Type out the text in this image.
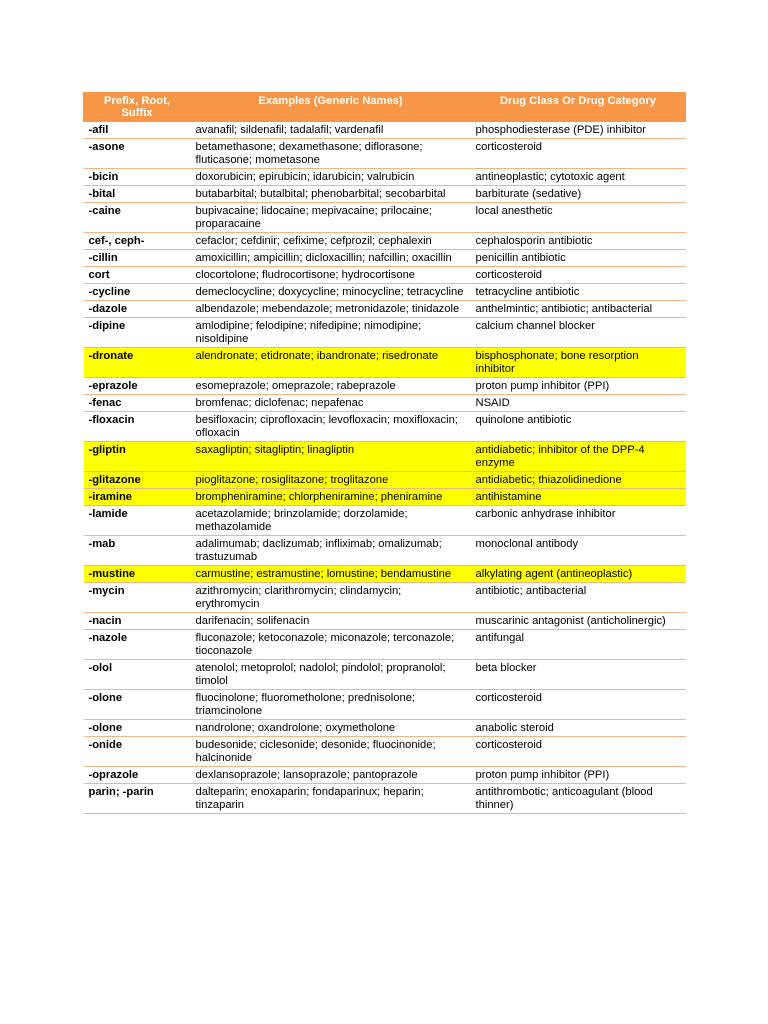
Prefix, Root, Suffix	Examples (Generic Names)	Drug Class Or Drug Category
-afil	avanafil; sildenafil; tadalafil; vardenafil	phosphodiesterase (PDE) inhibitor
-asone	betamethasone; dexamethasone; diflorasone; fluticasone; mometasone	corticosteroid
-bicin	doxorubicin; epirubicin; idarubicin; valrubicin	antineoplastic; cytotoxic agent
-bital	butabarbital; butalbital; phenobarbital; secobarbital	barbiturate (sedative)
-caine	bupivacaine; lidocaine; mepivacaine; prilocaine; proparacaine	local anesthetic
cef-, ceph-	cefaclor; cefdinir; cefixime; cefprozil; cephalexin	cephalosporin antibiotic
-cillin	amoxicillin; ampicillin; dicloxacillin; nafcillin; oxacillin	penicillin antibiotic
cort	clocortolone; fludrocortisone; hydrocortisone	corticosteroid
-cycline	demeclocycline; doxycycline; minocycline; tetracycline	tetracycline antibiotic
-dazole	albendazole; mebendazole; metronidazole; tinidazole	anthelmintic; antibiotic; antibacterial
-dipine	amlodipine; felodipine; nifedipine; nimodipine; nisoldipine	calcium channel blocker
-dronate	alendronate; etidronate; ibandronate; risedronate	bisphosphonate; bone resorption inhibitor
-eprazole	esomeprazole; omeprazole; rabeprazole	proton pump inhibitor (PPI)
-fenac	bromfenac; diclofenac; nepafenac	NSAID
-floxacin	besifloxacin; ciprofloxacin; levofloxacin; moxifloxacin; ofloxacin	quinolone antibiotic
-gliptin	saxagliptin; sitagliptin; linagliptin	antidiabetic; inhibitor of the DPP-4 enzyme
-glitazone	pioglitazone; rosiglitazone; troglitazone	antidiabetic; thiazolidinedione
-iramine	brompheniramine; chlorpheniramine; pheniramine	antihistamine
-lamide	acetazolamide; brinzolamide; dorzolamide; methazolamide	carbonic anhydrase inhibitor
-mab	adalimumab; daclizumab; infliximab; omalizumab; trastuzumab	monoclonal antibody
-mustine	carmustine; estramustine; lomustine; bendamustine	alkylating agent (antineoplastic)
-mycin	azithromycin; clarithromycin; clindamycin; erythromycin	antibiotic; antibacterial
-nacin	darifenacin; solifenacin	muscarinic antagonist (anticholinergic)
-nazole	fluconazole; ketoconazole; miconazole; terconazole; tioconazole	antifungal
-olol	atenolol; metoprolol; nadolol; pindolol; propranolol; timolol	beta blocker
-olone	fluocinolone; fluorometholone; prednisolone; triamcinolone	corticosteroid
-olone	nandrolone; oxandrolone; oxymetholone	anabolic steroid
-onide	budesonide; ciclesonide; desonide; fluocinonide; halcinonide	corticosteroid
-oprazole	dexlansoprazole; lansoprazole; pantoprazole	proton pump inhibitor (PPI)
parin; -parin	dalteparin; enoxaparin; fondaparinux; heparin; tinzaparin	antithrombotic; anticoagulant (blood thinner)
